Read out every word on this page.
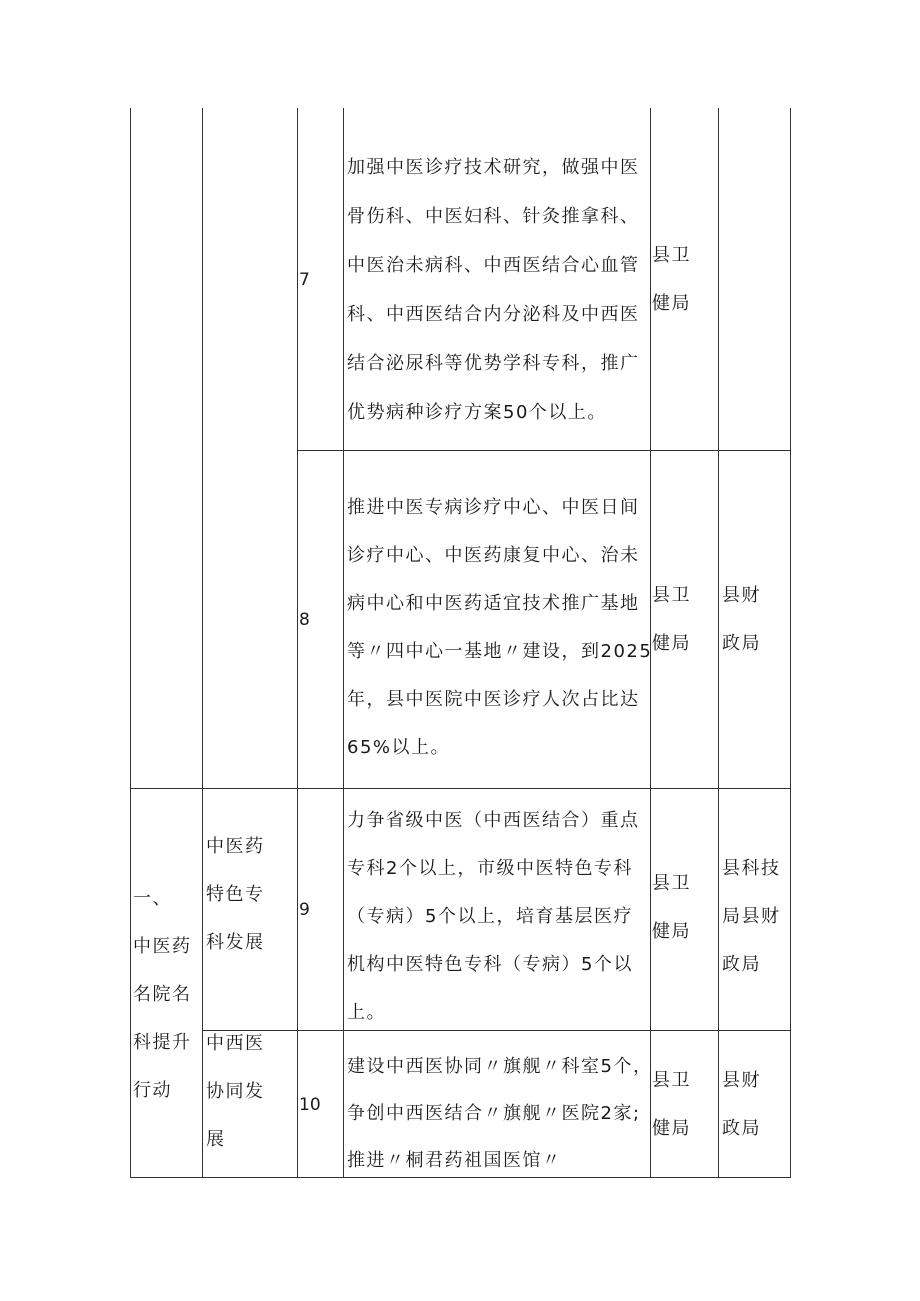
7
加强中医诊疗技术研究，做强中医
骨伤科、中医妇科、针灸推拿科、
中医治未病科、中西医结合心血管
科、中西医结合内分泌科及中西医
结合泌尿科等优势学科专科，推广
优势病种诊疗方案50个以上。
县卫
健局
8
推进中医专病诊疗中心、中医日间
诊疗中心、中医药康复中心、治未
病中心和中医药适宜技术推广基地
等〃四中心一基地〃建设，到2025
年，县中医院中医诊疗人次占比达
65%以上。
县卫
健局
县财
政局
一、
中医药
名院名
科提升
行动
中医药
特色专
科发展
9
力争省级中医（中西医结合）重点
专科2个以上，市级中医特色专科
（专病）5个以上，培育基层医疗
机构中医特色专科（专病）5个以
上。
县卫
健局
县科技
局县财
政局
中西医
协同发
展
10
建设中西医协同〃旗舰〃科室5个，
争创中西医结合〃旗舰〃医院2家;
推进〃桐君药祖国医馆〃
县卫
健局
县财
政局
